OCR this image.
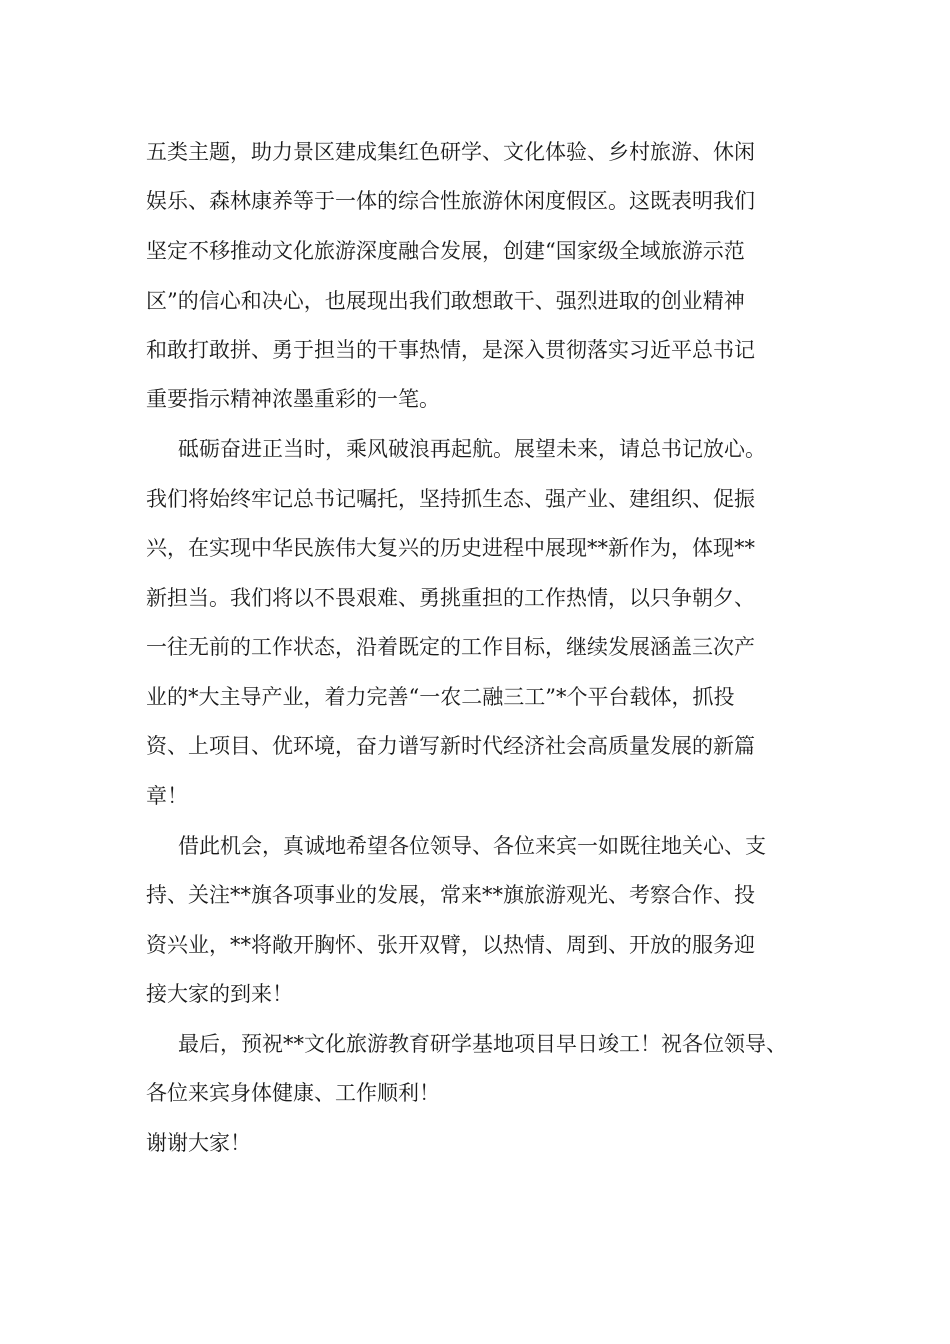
五类主题，助力景区建成集红色研学、文化体验、乡村旅游、休闲
娱乐、森林康养等于一体的综合性旅游休闲度假区。这既表明我们
坚定不移推动文化旅游深度融合发展，创建“国家级全域旅游示范
区”的信心和决心，也展现出我们敢想敢干、强烈进取的创业精神
和敢打敢拼、勇于担当的干事热情，是深入贯彻落实习近平总书记
重要指示精神浓墨重彩的一笔。
砥砺奋进正当时，乘风破浪再起航。展望未来，请总书记放心。
我们将始终牢记总书记嘱托，坚持抓生态、强产业、建组织、促振
兴，在实现中华民族伟大复兴的历史进程中展现**新作为，体现**
新担当。我们将以不畏艰难、勇挑重担的工作热情，以只争朝夕、
一往无前的工作状态，沿着既定的工作目标，继续发展涵盖三次产
业的*大主导产业，着力完善“一农二融三工”*个平台载体，抓投
资、上项目、优环境，奋力谱写新时代经济社会高质量发展的新篇
章！
借此机会，真诚地希望各位领导、各位来宾一如既往地关心、支
持、关注**旗各项事业的发展，常来**旗旅游观光、考察合作、投
资兴业，**将敞开胸怀、张开双臂，以热情、周到、开放的服务迎
接大家的到来！
最后，预祝**文化旅游教育研学基地项目早日竣工！祝各位领导、
各位来宾身体健康、工作顺利！
谢谢大家！
